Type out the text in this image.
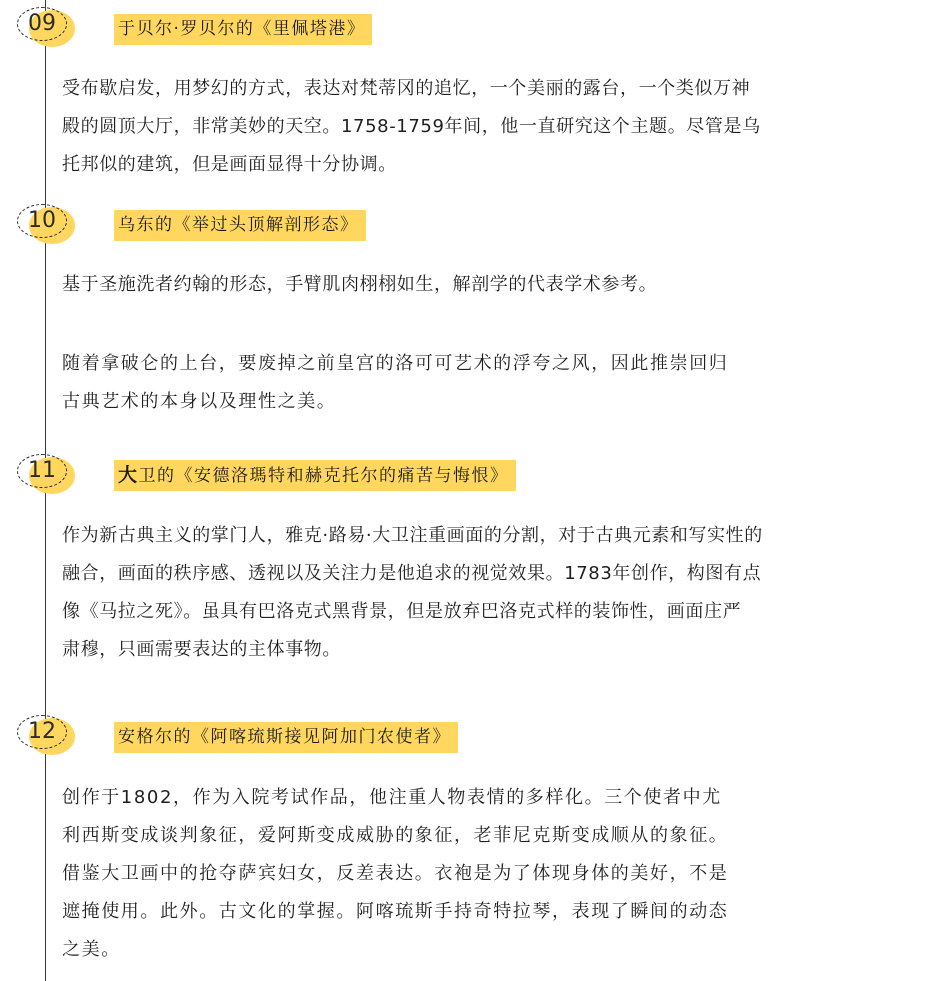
09	于贝尔·罗贝尔的《里佩塔港》
受布歇启发，用梦幻的方式，表达对梵蒂冈的追忆，一个美丽的露台，一个类似万神
殿的圆顶大厅，非常美妙的天空。1758-1759年间，他一直研究这个主题。尽管是乌
托邦似的建筑，但是画面显得十分协调。
10	乌东的《举过头顶解剖形态》
基于圣施洗者约翰的形态，手臂肌肉栩栩如生，解剖学的代表学术参考。
随着拿破仑的上台，要废掉之前皇宫的洛可可艺术的浮夸之风，因此推崇回归
古典艺术的本身以及理性之美。
11	大卫的《安德洛瑪特和赫克托尔的痛苦与悔恨》
作为新古典主义的掌门人，雅克·路易·大卫注重画面的分割，对于古典元素和写实性的
融合，画面的秩序感、透视以及关注力是他追求的视觉效果。1783年创作，构图有点
像《马拉之死》。虽具有巴洛克式黑背景，但是放弃巴洛克式样的装饰性，画面庄严
肃穆，只画需要表达的主体事物。
12	安格尔的《阿喀琉斯接见阿加门农使者》
创作于1802，作为入院考试作品，他注重人物表情的多样化。三个使者中尤
利西斯变成谈判象征，爱阿斯变成威胁的象征，老菲尼克斯变成顺从的象征。
借鉴大卫画中的抢夺萨宾妇女，反差表达。衣袍是为了体现身体的美好，不是
遮掩使用。此外。古文化的掌握。阿喀琉斯手持奇特拉琴，表现了瞬间的动态
之美。
